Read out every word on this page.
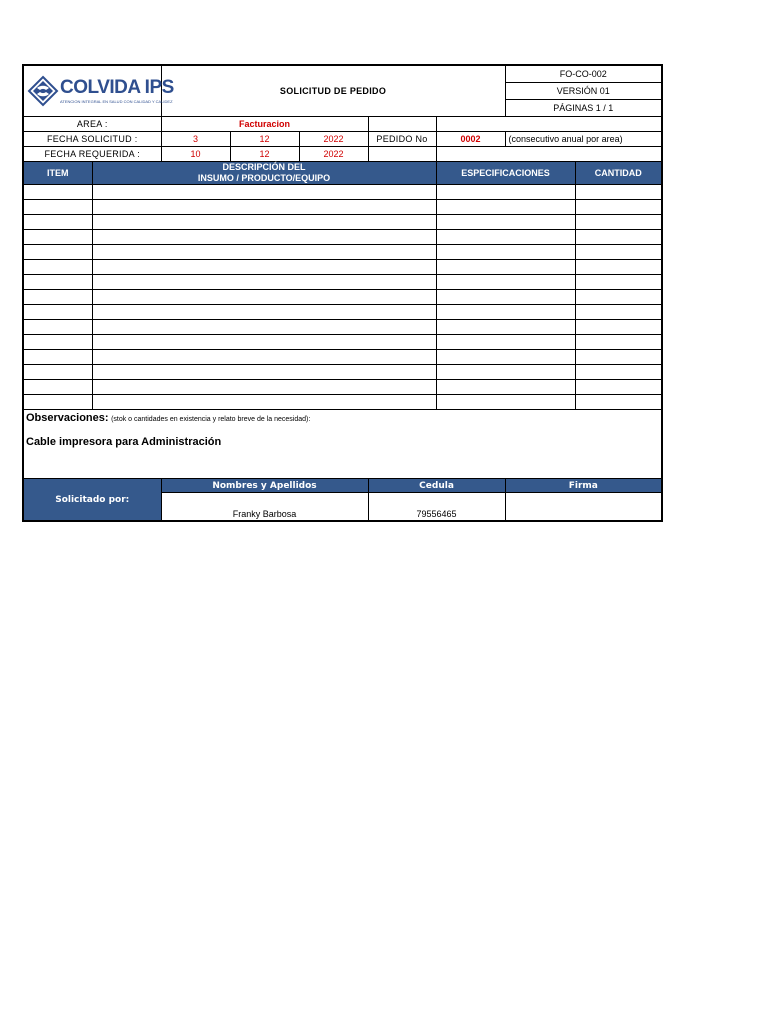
COLVIDA IPS
ATENCION INTEGRAL EN SALUD CON CALIDAD Y CALIDEZ		SOLICITUD DE PEDIDO					FO-CO-002	
							VERSIÓN 01	
							PÁGINAS 1 / 1	
AREA :		Facturacion						
FECHA SOLICITUD :		3	12	2022	PEDIDO No	0002	(consecutivo anual por area)	
FECHA REQUERIDA :		10	12	2022				
ITEM	DESCRIPCIÓN DEL
INSUMO / PRODUCTO/EQUIPO					ESPECIFICACIONES		CANTIDAD

Observaciones: (stok o cantidades en existencia y relato breve de la necesidad):
Cable impresora para Administración								

Solicitado por:		Nombres y Apellidos			Cedula		Firma	
		Franky Barbosa			79556465			
